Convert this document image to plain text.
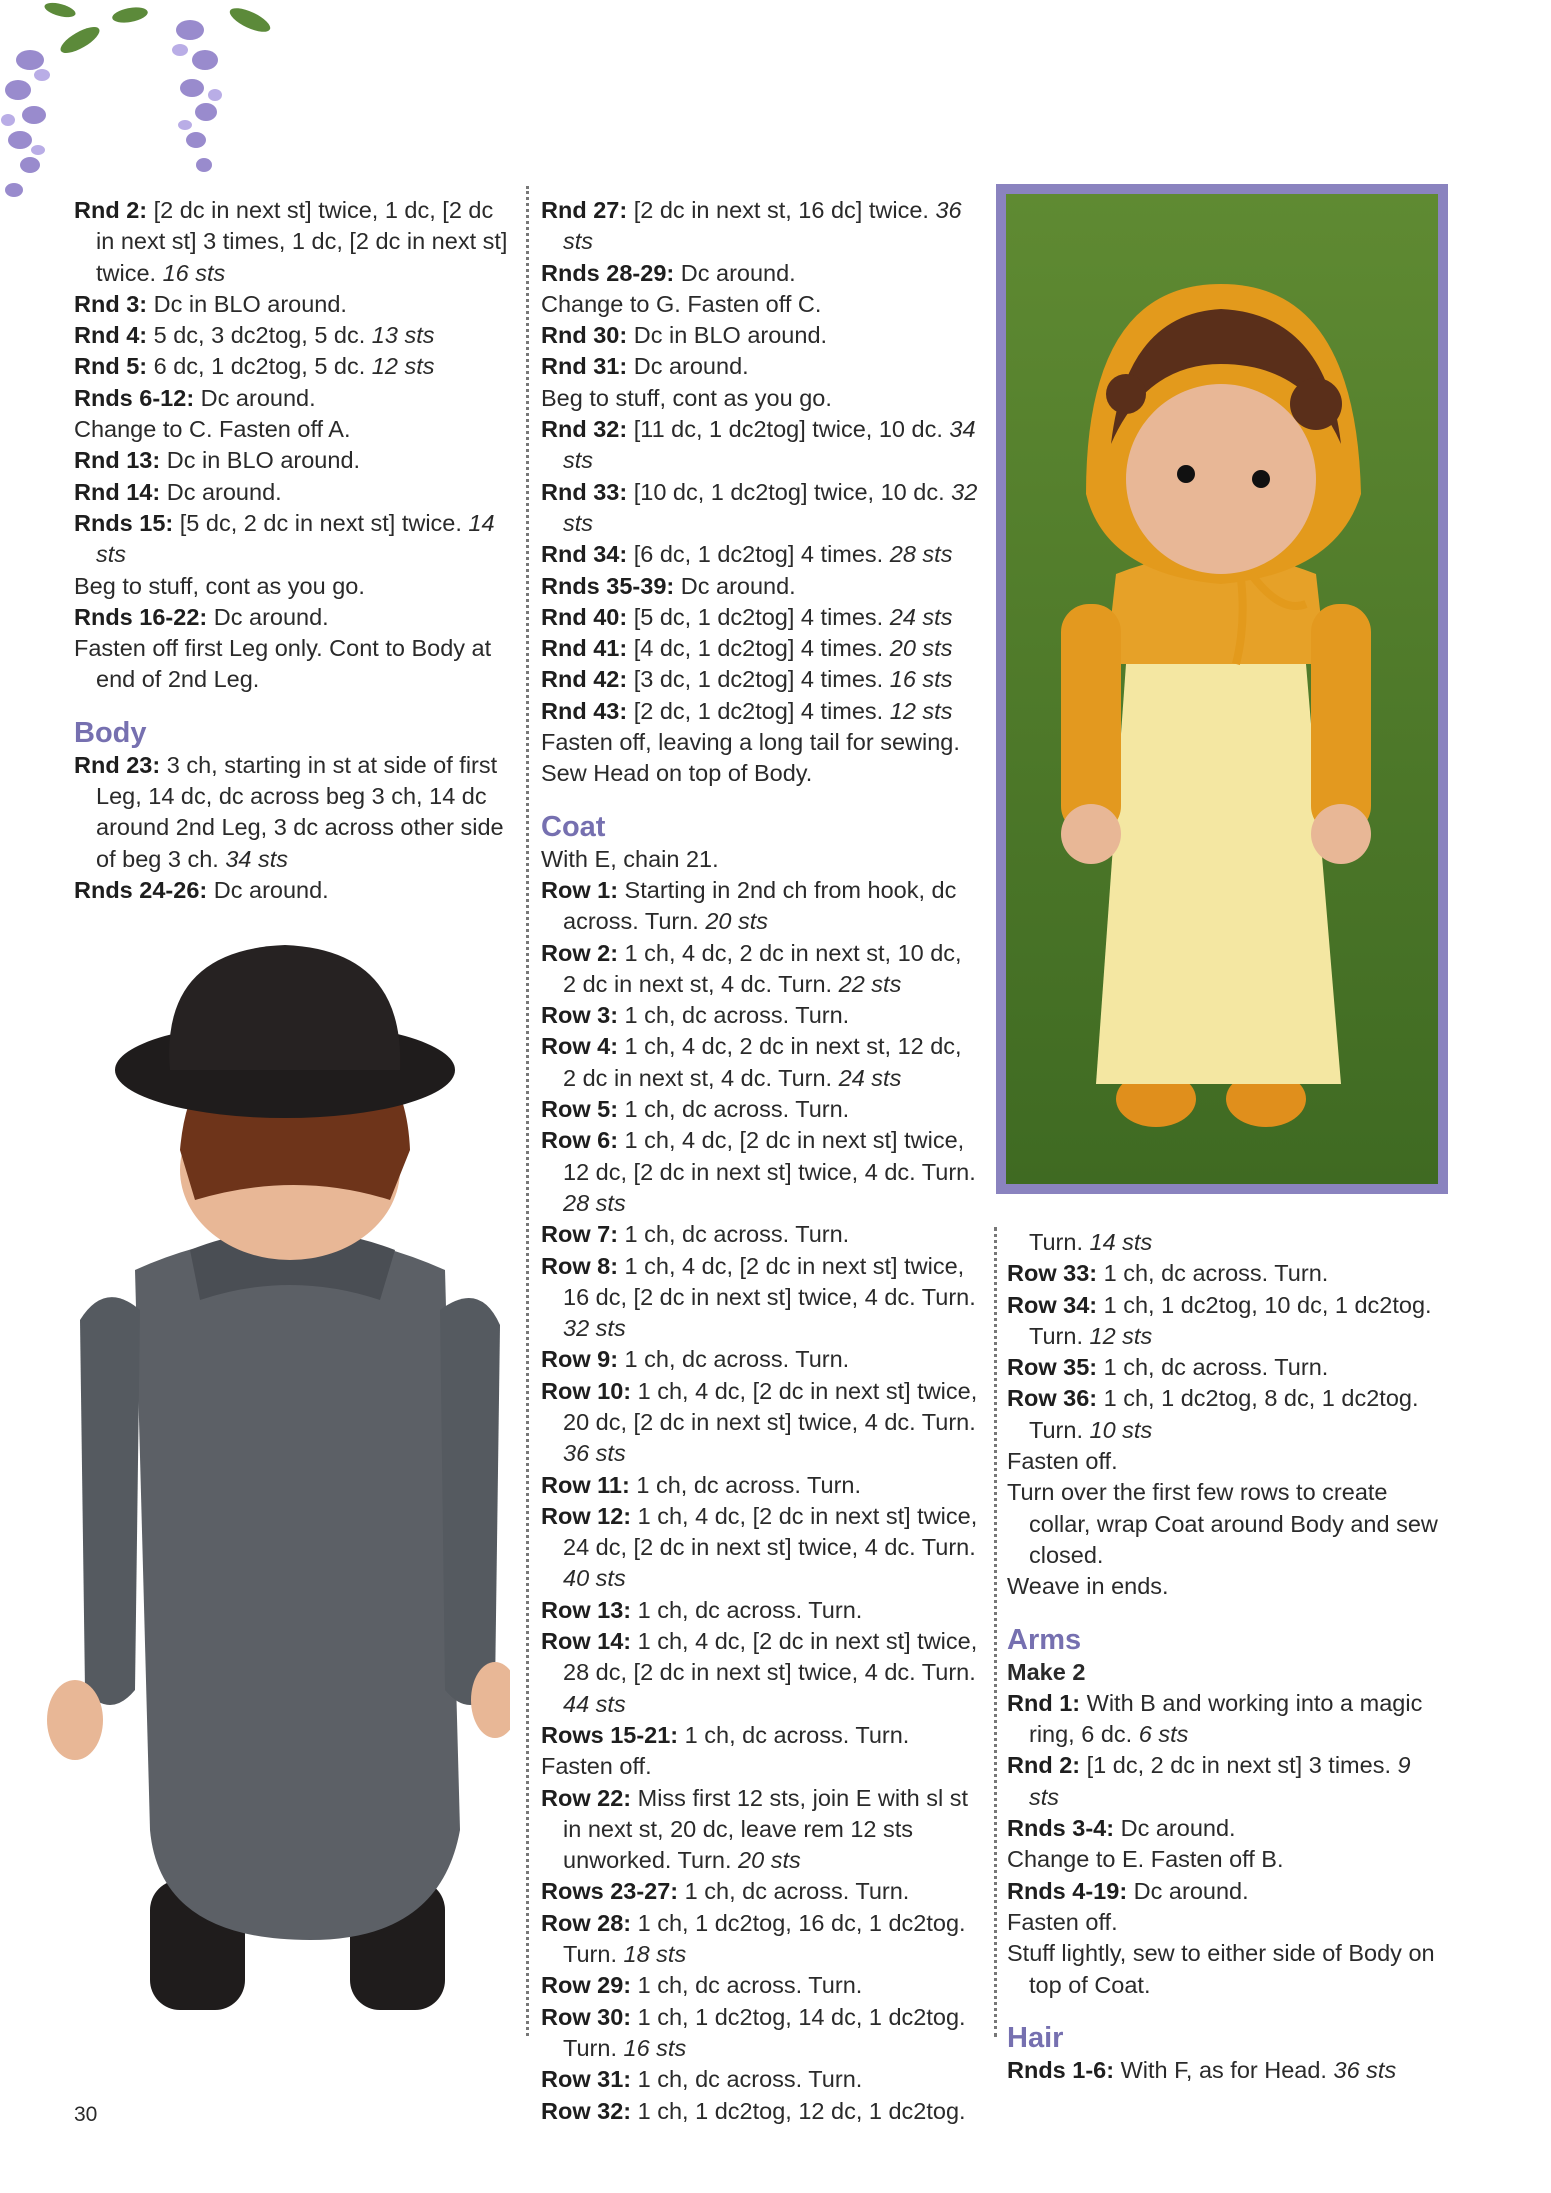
Rnd 2: [2 dc in next st] twice, 1 dc, [2 dc in next st] 3 times, 1 dc, [2 dc in next st] twice. 16 sts
Rnd 3: Dc in BLO around.
Rnd 4: 5 dc, 3 dc2tog, 5 dc. 13 sts
Rnd 5: 6 dc, 1 dc2tog, 5 dc. 12 sts
Rnds 6-12: Dc around.
Change to C. Fasten off A.
Rnd 13: Dc in BLO around.
Rnd 14: Dc around.
Rnds 15: [5 dc, 2 dc in next st] twice. 14 sts
Beg to stuff, cont as you go.
Rnds 16-22: Dc around.
Fasten off first Leg only. Cont to Body at end of 2nd Leg.
Body
Rnd 23: 3 ch, starting in st at side of first Leg, 14 dc, dc across beg 3 ch, 14 dc around 2nd Leg, 3 dc across other side of beg 3 ch. 34 sts
Rnds 24-26: Dc around.
Rnd 27: [2 dc in next st, 16 dc] twice. 36 sts
Rnds 28-29: Dc around.
Change to G. Fasten off C.
Rnd 30: Dc in BLO around.
Rnd 31: Dc around.
Beg to stuff, cont as you go.
Rnd 32: [11 dc, 1 dc2tog] twice, 10 dc. 34 sts
Rnd 33: [10 dc, 1 dc2tog] twice, 10 dc. 32 sts
Rnd 34: [6 dc, 1 dc2tog] 4 times. 28 sts
Rnds 35-39: Dc around.
Rnd 40: [5 dc, 1 dc2tog] 4 times. 24 sts
Rnd 41: [4 dc, 1 dc2tog] 4 times. 20 sts
Rnd 42: [3 dc, 1 dc2tog] 4 times. 16 sts
Rnd 43: [2 dc, 1 dc2tog] 4 times. 12 sts
Fasten off, leaving a long tail for sewing.
Sew Head on top of Body.
Coat
With E, chain 21.
Row 1: Starting in 2nd ch from hook, dc across. Turn. 20 sts
Row 2: 1 ch, 4 dc, 2 dc in next st, 10 dc, 2 dc in next st, 4 dc. Turn. 22 sts
Row 3: 1 ch, dc across. Turn.
Row 4: 1 ch, 4 dc, 2 dc in next st, 12 dc, 2 dc in next st, 4 dc. Turn. 24 sts
Row 5: 1 ch, dc across. Turn.
Row 6: 1 ch, 4 dc, [2 dc in next st] twice, 12 dc, [2 dc in next st] twice, 4 dc. Turn. 28 sts
Row 7: 1 ch, dc across. Turn.
Row 8: 1 ch, 4 dc, [2 dc in next st] twice, 16 dc, [2 dc in next st] twice, 4 dc. Turn. 32 sts
Row 9: 1 ch, dc across. Turn.
Row 10: 1 ch, 4 dc, [2 dc in next st] twice, 20 dc, [2 dc in next st] twice, 4 dc. Turn. 36 sts
Row 11: 1 ch, dc across. Turn.
Row 12: 1 ch, 4 dc, [2 dc in next st] twice, 24 dc, [2 dc in next st] twice, 4 dc. Turn. 40 sts
Row 13: 1 ch, dc across. Turn.
Row 14: 1 ch, 4 dc, [2 dc in next st] twice, 28 dc, [2 dc in next st] twice, 4 dc. Turn. 44 sts
Rows 15-21: 1 ch, dc across. Turn.
Fasten off.
Row 22: Miss first 12 sts, join E with sl st in next st, 20 dc, leave rem 12 sts unworked. Turn. 20 sts
Rows 23-27: 1 ch, dc across. Turn.
Row 28: 1 ch, 1 dc2tog, 16 dc, 1 dc2tog. Turn. 18 sts
Row 29: 1 ch, dc across. Turn.
Row 30: 1 ch, 1 dc2tog, 14 dc, 1 dc2tog. Turn. 16 sts
Row 31: 1 ch, dc across. Turn.
Row 32: 1 ch, 1 dc2tog, 12 dc, 1 dc2tog.
Turn. 14 sts
Row 33: 1 ch, dc across. Turn.
Row 34: 1 ch, 1 dc2tog, 10 dc, 1 dc2tog. Turn. 12 sts
Row 35: 1 ch, dc across. Turn.
Row 36: 1 ch, 1 dc2tog, 8 dc, 1 dc2tog. Turn. 10 sts
Fasten off.
Turn over the first few rows to create collar, wrap Coat around Body and sew closed.
Weave in ends.
Arms
Make 2
Rnd 1: With B and working into a magic ring, 6 dc. 6 sts
Rnd 2: [1 dc, 2 dc in next st] 3 times. 9 sts
Rnds 3-4: Dc around.
Change to E. Fasten off B.
Rnds 4-19: Dc around.
Fasten off.
Stuff lightly, sew to either side of Body on top of Coat.
Hair
Rnds 1-6: With F, as for Head. 36 sts
30
